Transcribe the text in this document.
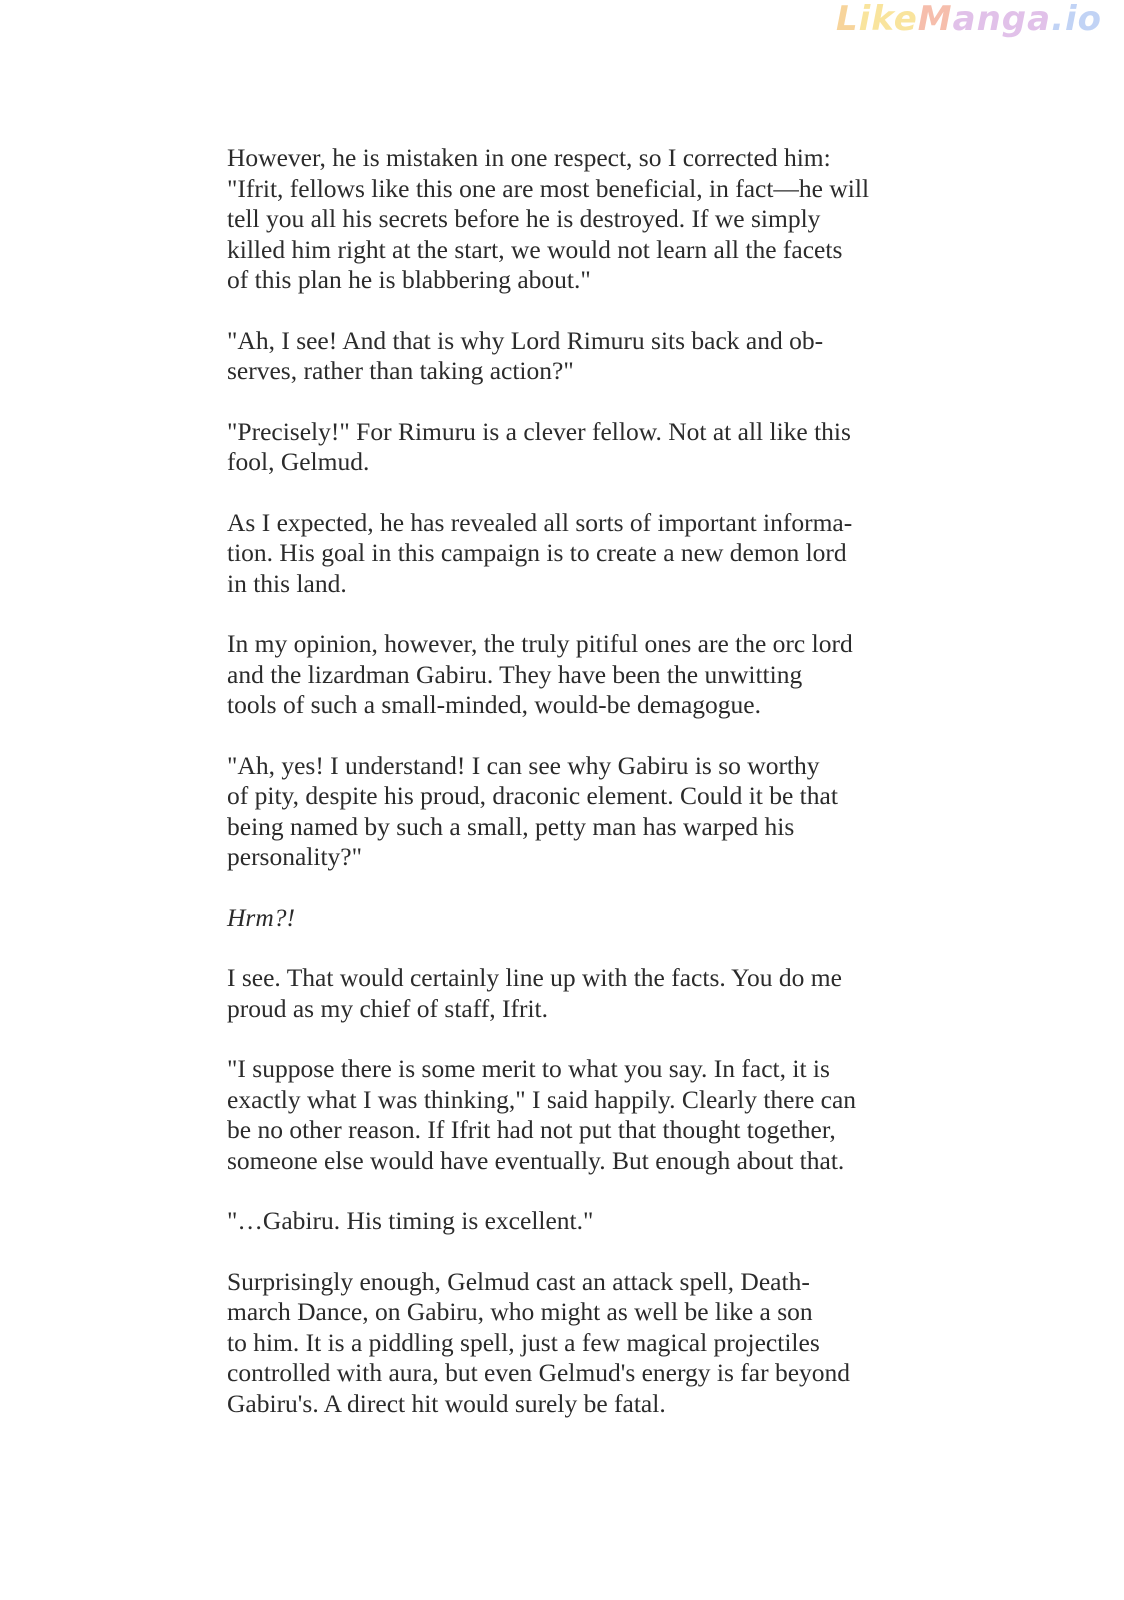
LikeManga.io

However, he is mistaken in one respect, so I corrected him:
"Ifrit, fellows like this one are most beneficial, in fact—he will
tell you all his secrets before he is destroyed. If we simply
killed him right at the start, we would not learn all the facets
of this plan he is blabbering about."

"Ah, I see! And that is why Lord Rimuru sits back and ob-
serves, rather than taking action?"

"Precisely!" For Rimuru is a clever fellow. Not at all like this
fool, Gelmud.

As I expected, he has revealed all sorts of important informa-
tion. His goal in this campaign is to create a new demon lord
in this land.

In my opinion, however, the truly pitiful ones are the orc lord
and the lizardman Gabiru. They have been the unwitting
tools of such a small-minded, would-be demagogue.

"Ah, yes! I understand! I can see why Gabiru is so worthy
of pity, despite his proud, draconic element. Could it be that
being named by such a small, petty man has warped his
personality?"

Hrm?!

I see. That would certainly line up with the facts. You do me
proud as my chief of staff, Ifrit.

"I suppose there is some merit to what you say. In fact, it is
exactly what I was thinking," I said happily. Clearly there can
be no other reason. If Ifrit had not put that thought together,
someone else would have eventually. But enough about that.

"…Gabiru. His timing is excellent."

Surprisingly enough, Gelmud cast an attack spell, Death-
march Dance, on Gabiru, who might as well be like a son
to him. It is a piddling spell, just a few magical projectiles
controlled with aura, but even Gelmud's energy is far beyond
Gabiru's. A direct hit would surely be fatal.
